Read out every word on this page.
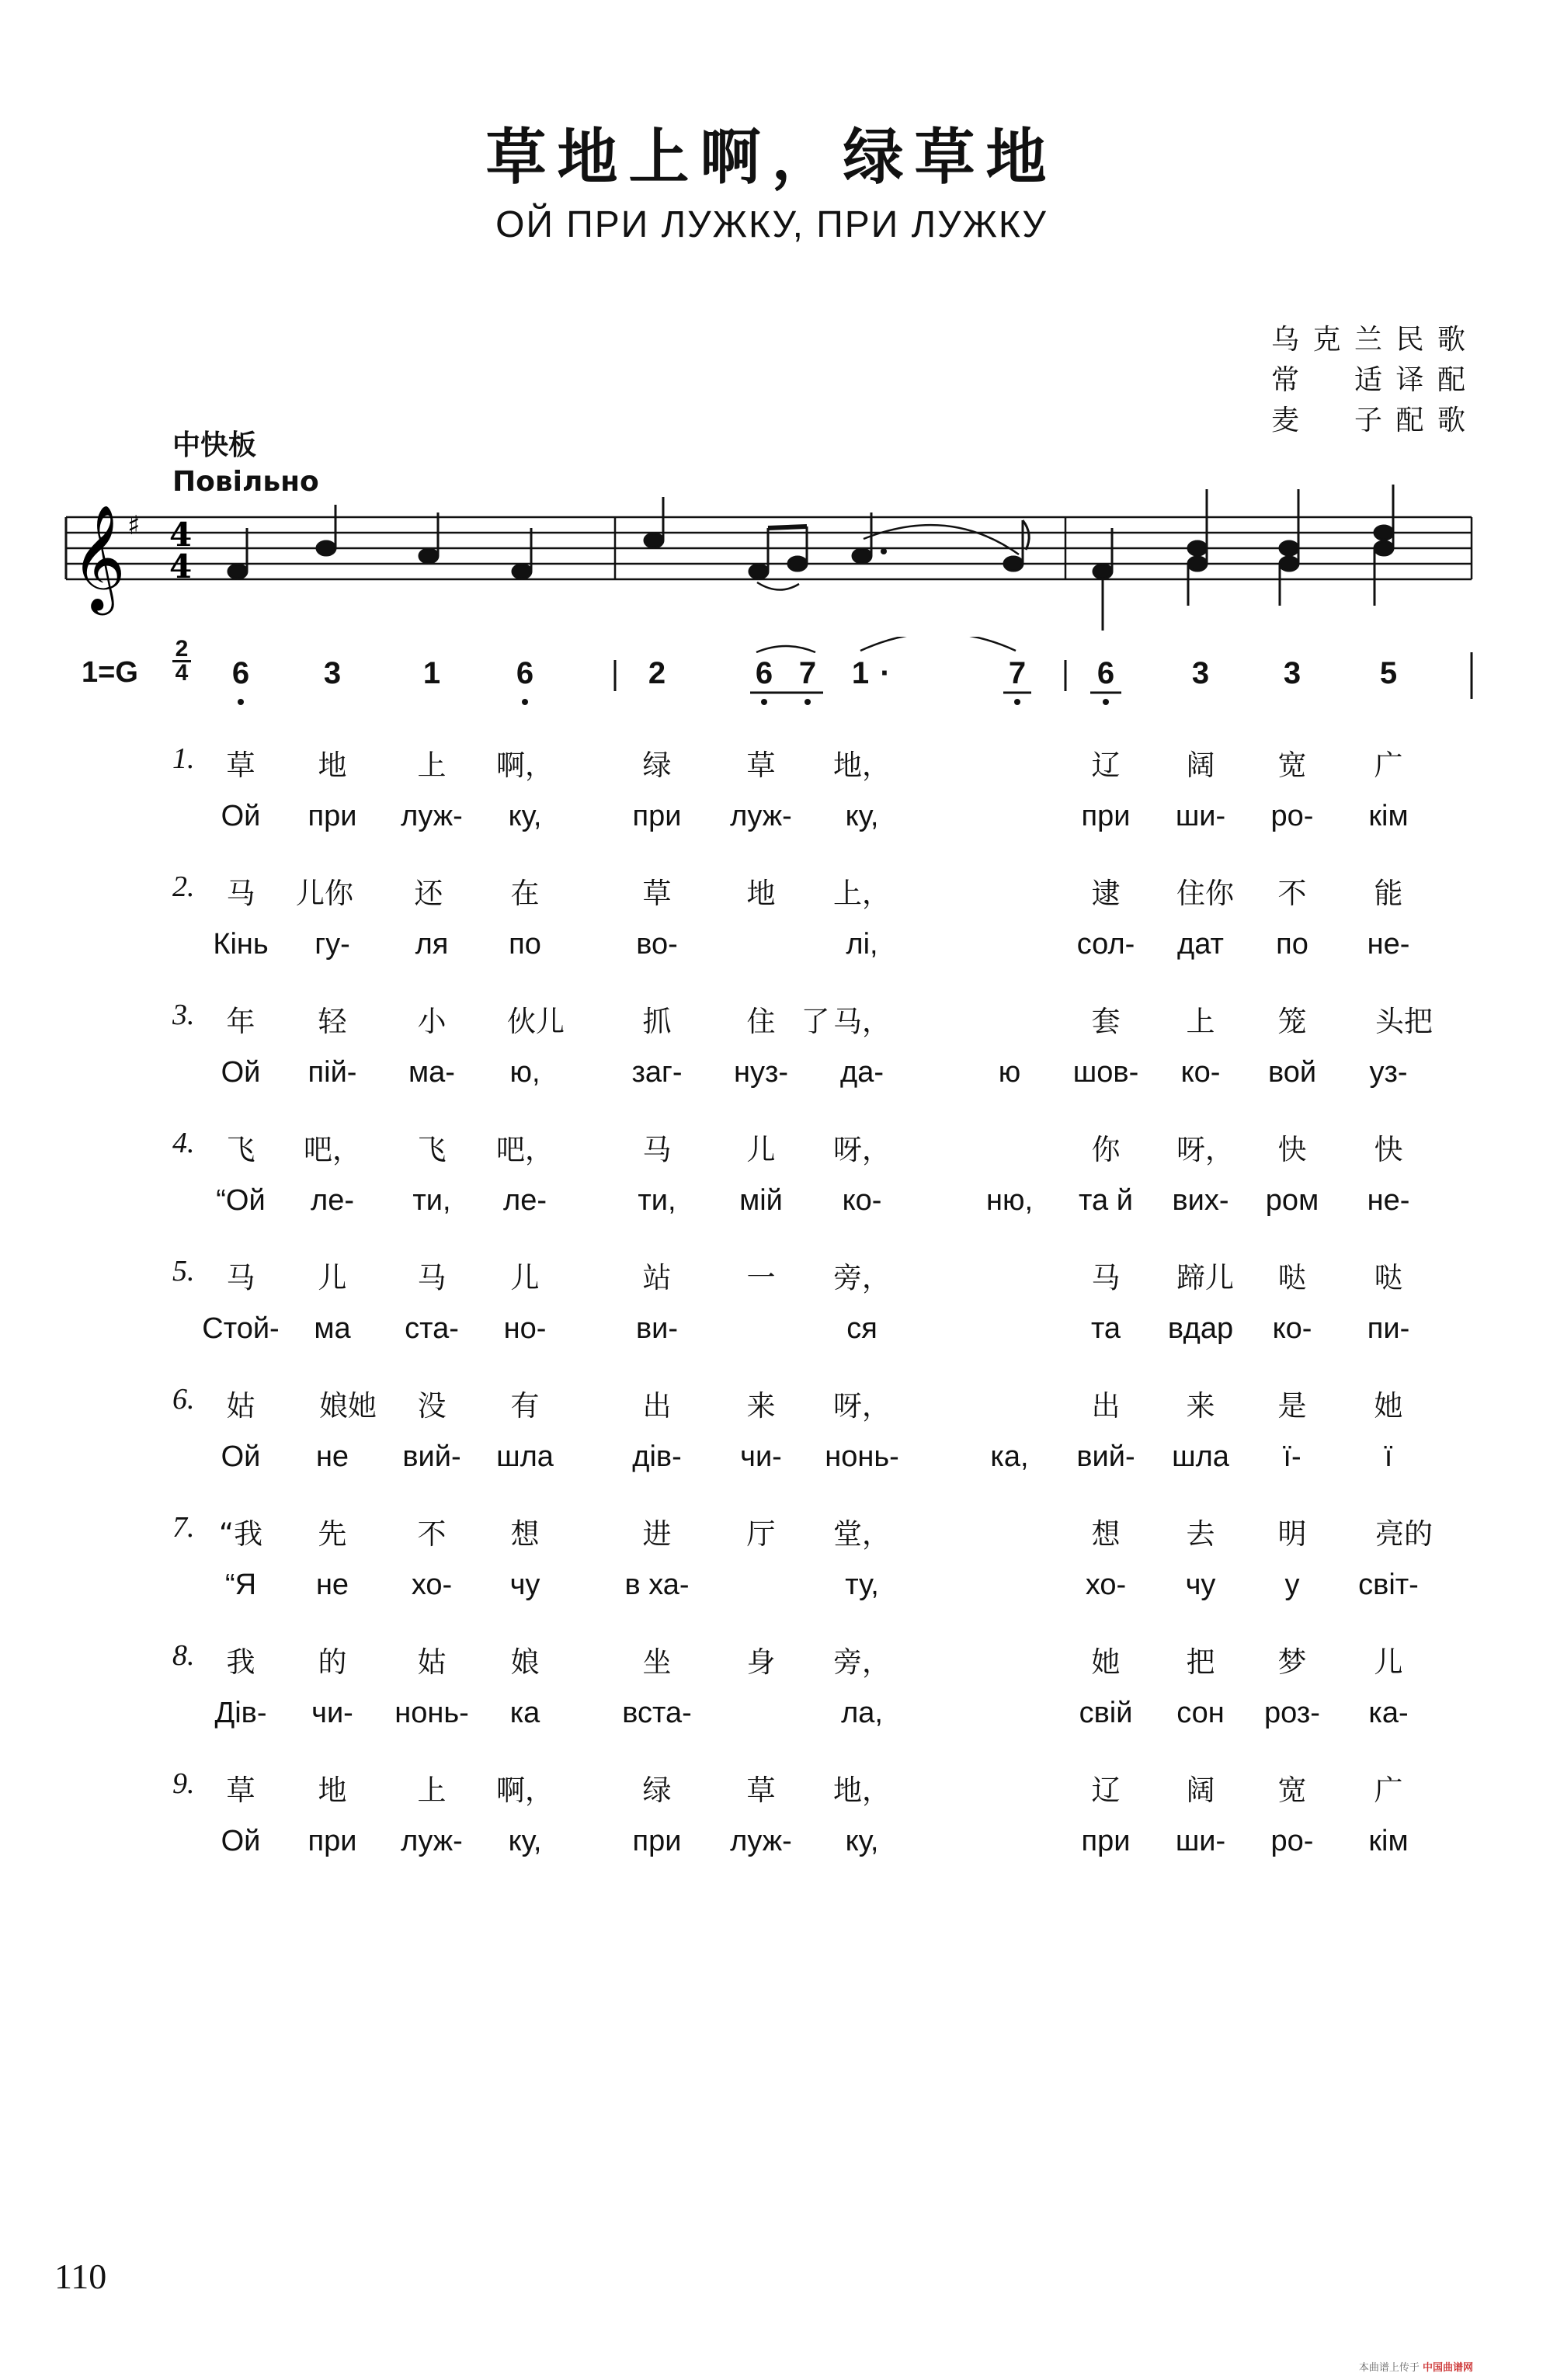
草地上啊，绿草地
ОЙ ПРИ ЛУЖКУ, ПРИ ЛУЖКУ
乌克兰民歌
常　适译配
麦　子配歌
中快板
Повільно
𝄞 ♯ 4
4
1=G
2
4	6	3	1	6	2	6 7	1 ·	7	6	3	3	5
1. 草 地 上 啊，	绿	草 地，	辽 阔 宽 广
Ой при луж- ку,	при луж- ку,	при ши- ро- кім
2. 马 儿你 还 在	草	地 上，	逮 住你 不 能
Кінь гу- ля по	во-	лі,	сол- дат по не-
3. 年 轻 小 伙儿	抓	住 了 马，	套 上 笼 头把
Ой пій- ма- ю,	заг- нуз- да-	ю шов- ко- вой уз-
4. 飞 吧， 飞 吧，	马	儿 呀，	你 呀， 快 快
“Ой ле- ти, ле-	ти, мій ко-	ню, та й вих- ром не-
5. 马 儿 马 儿	站	一 旁，	马 蹄儿 哒 哒
Стой- ма ста- но-	ви-	ся	та вдар ко- пи-
6. 姑 娘她 没 有	出	来 呀，	出 来 是 她
Ой не вий- шла	дів- чи- нонь-	ка, вий- шла ї-	ї
7. “我 先 不 想	进	厅 堂，	想 去 明 亮的
“Я не хо- чу	в ха-	ту,	хо- чу у світ-
8. 我 的 姑 娘	坐	身 旁，	她 把 梦 儿
Дів- чи- нонь- ка	вста-	ла,	свій сон роз- ка-
9. 草 地 上 啊，	绿	草 地，	辽 阔 宽 广
Ой при луж- ку,	при луж- ку,	при ши- ро- кім
110
本曲谱上传于 中国曲谱网
